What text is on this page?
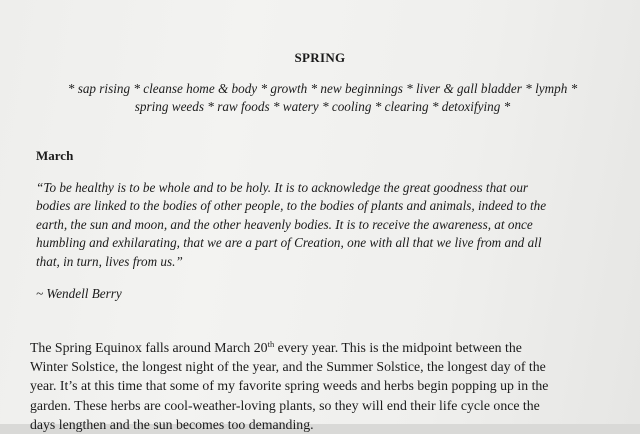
SPRING
* sap rising * cleanse home & body * growth * new beginnings * liver & gall bladder * lymph *
spring weeds * raw foods * watery * cooling * clearing * detoxifying *
March

“To be healthy is to be whole and to be holy. It is to acknowledge the great goodness that our

bodies are linked to the bodies of other people, to the bodies of plants and animals, indeed to the

earth, the sun and moon, and the other heavenly bodies. It is to receive the awareness, at once

humbling and exhilarating, that we are a part of Creation, one with all that we live from and all

that, in turn, lives from us.”

~ Wendell Berry

The Spring Equinox falls around March 20th every year. This is the midpoint between the

Winter Solstice, the longest night of the year, and the Summer Solstice, the longest day of the

year. It’s at this time that some of my favorite spring weeds and herbs begin popping up in the

garden. These herbs are cool-weather-loving plants, so they will end their life cycle once the

days lengthen and the sun becomes too demanding.
